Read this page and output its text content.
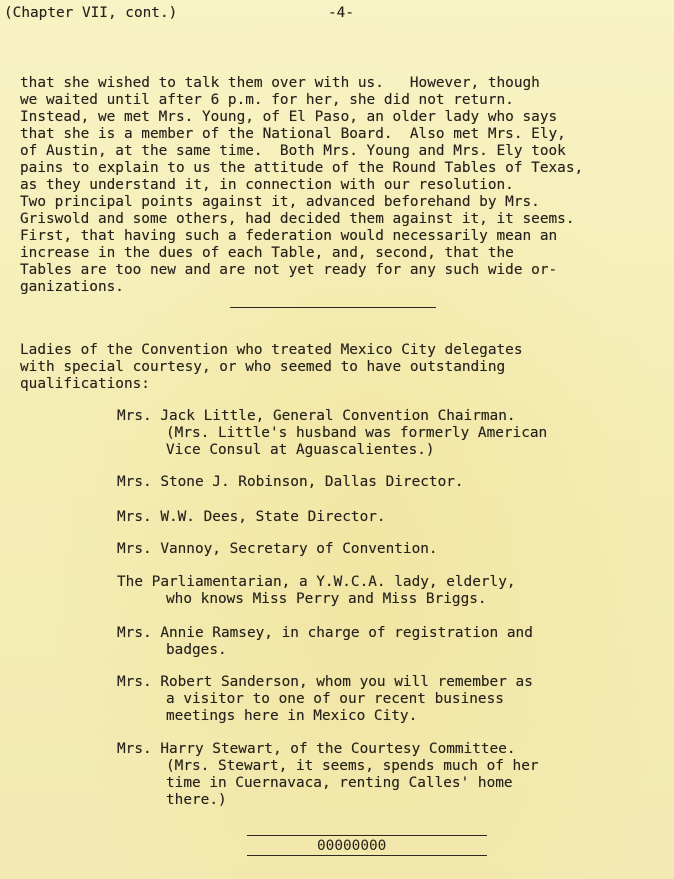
(Chapter VII, cont.)	-4-
that she wished to talk them over with us.   However, though
we waited until after 6 p.m. for her, she did not return.
Instead, we met Mrs. Young, of El Paso, an older lady who says
that she is a member of the National Board.  Also met Mrs. Ely,
of Austin, at the same time.  Both Mrs. Young and Mrs. Ely took
pains to explain to us the attitude of the Round Tables of Texas,
as they understand it, in connection with our resolution.
Two principal points against it, advanced beforehand by Mrs.
Griswold and some others, had decided them against it, it seems.
First, that having such a federation would necessarily mean an
increase in the dues of each Table, and, second, that the
Tables are too new and are not yet ready for any such wide or-
ganizations.
Ladies of the Convention who treated Mexico City delegates
with special courtesy, or who seemed to have outstanding
qualifications:
Mrs. Jack Little, General Convention Chairman.
(Mrs. Little's husband was formerly American
Vice Consul at Aguascalientes.)
Mrs. Stone J. Robinson, Dallas Director.
Mrs. W.W. Dees, State Director.
Mrs. Vannoy, Secretary of Convention.
The Parliamentarian, a Y.W.C.A. lady, elderly,
who knows Miss Perry and Miss Briggs.
Mrs. Annie Ramsey, in charge of registration and
badges.
Mrs. Robert Sanderson, whom you will remember as
a visitor to one of our recent business
meetings here in Mexico City.
Mrs. Harry Stewart, of the Courtesy Committee.
(Mrs. Stewart, it seems, spends much of her
time in Cuernavaca, renting Calles' home
there.)
00000000
